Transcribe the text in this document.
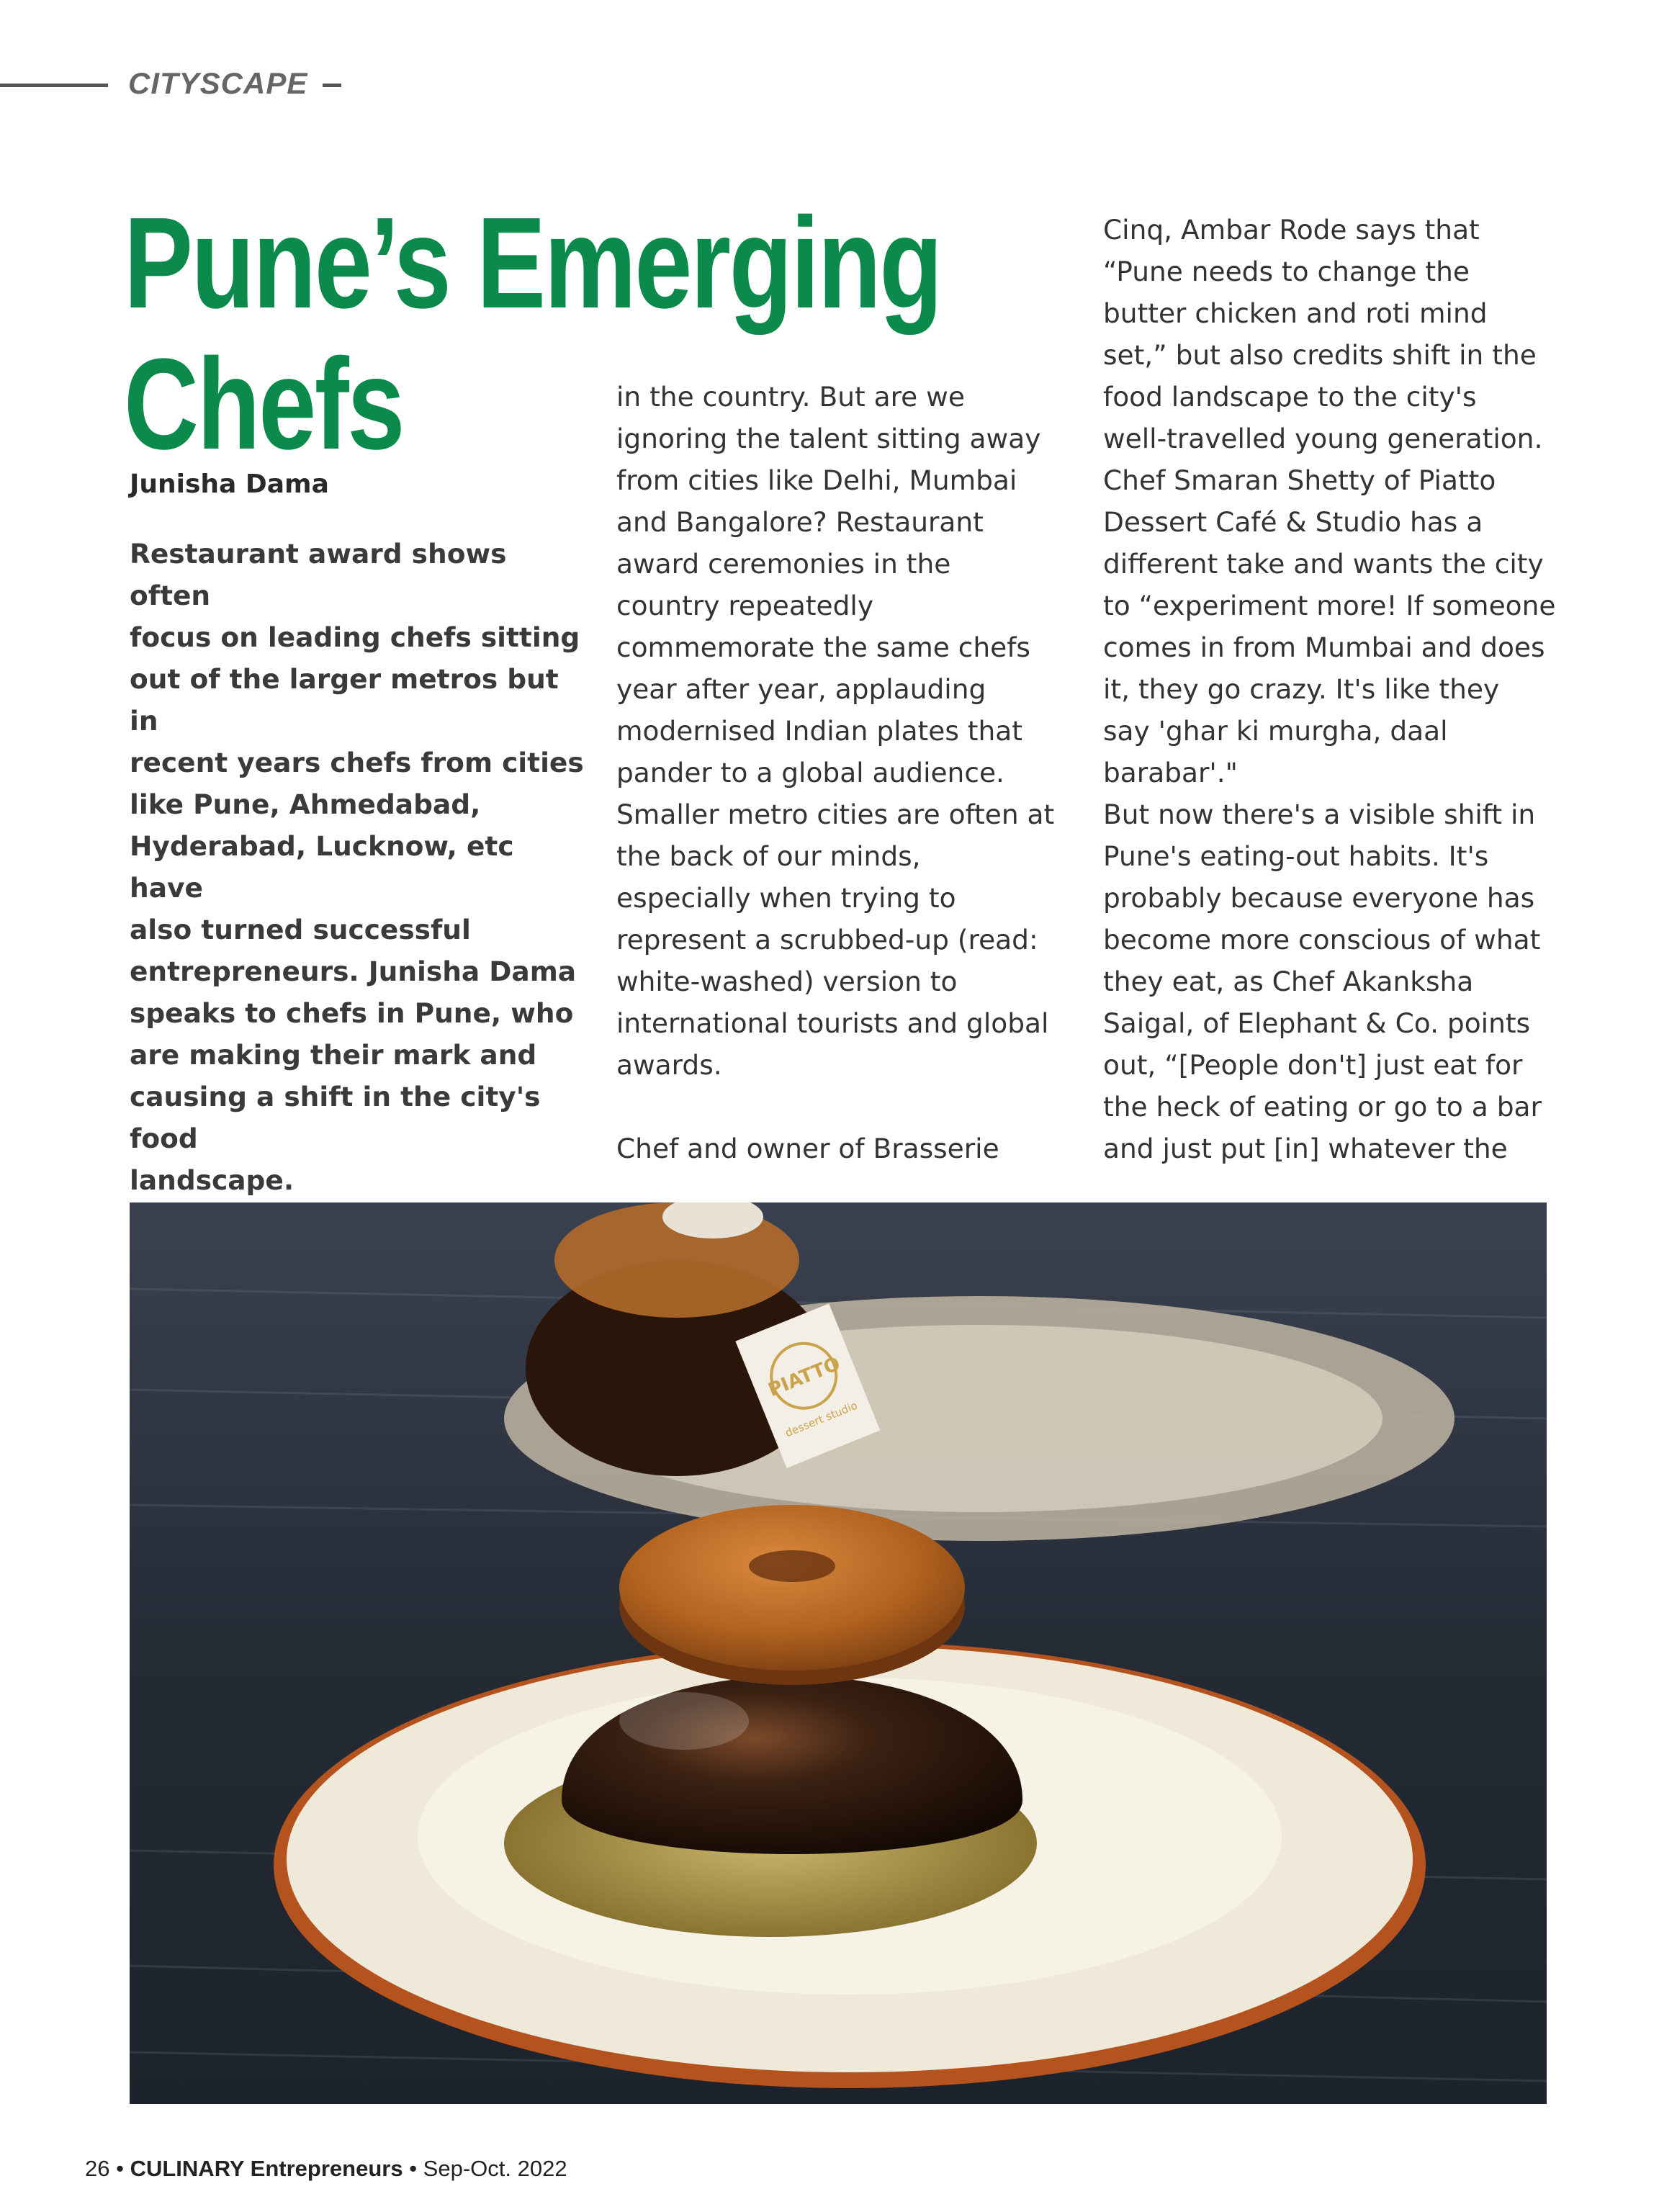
CITYSCAPE

Pune’s Emerging
Chefs

Junisha Dama

Restaurant award shows often

focus on leading chefs sitting

out of the larger metros but in

recent years chefs from cities

like Pune, Ahmedabad,

Hyderabad, Lucknow, etc have

also turned successful

entrepreneurs. Junisha Dama

speaks to chefs in Pune, who

are making their mark and

causing a shift in the city's food

landscape.

in the country. But are we

ignoring the talent sitting away

from cities like Delhi, Mumbai

and Bangalore? Restaurant

award ceremonies in the

country repeatedly

commemorate the same chefs

year after year, applauding

modernised Indian plates that

pander to a global audience.

Smaller metro cities are often at

the back of our minds,

especially when trying to

represent a scrubbed-up (read:

white-washed) version to

international tourists and global

awards.

Chef and owner of Brasserie

Cinq, Ambar Rode says that

“Pune needs to change the

butter chicken and roti mind

set,” but also credits shift in the

food landscape to the city's

well-travelled young generation.

Chef Smaran Shetty of Piatto

Dessert Café & Studio has a

different take and wants the city

to “experiment more! If someone

comes in from Mumbai and does

it, they go crazy. It's like they

say 'ghar ki murgha, daal

barabar'."

But now there's a visible shift in

Pune's eating-out habits. It's

probably because everyone has

become more conscious of what

they eat, as Chef Akanksha

Saigal, of Elephant & Co. points

out, “[People don't] just eat for

the heck of eating or go to a bar

and just put [in] whatever the

PIATTO
dessert studio

26 • CULINARY Entrepreneurs • Sep-Oct. 2022
